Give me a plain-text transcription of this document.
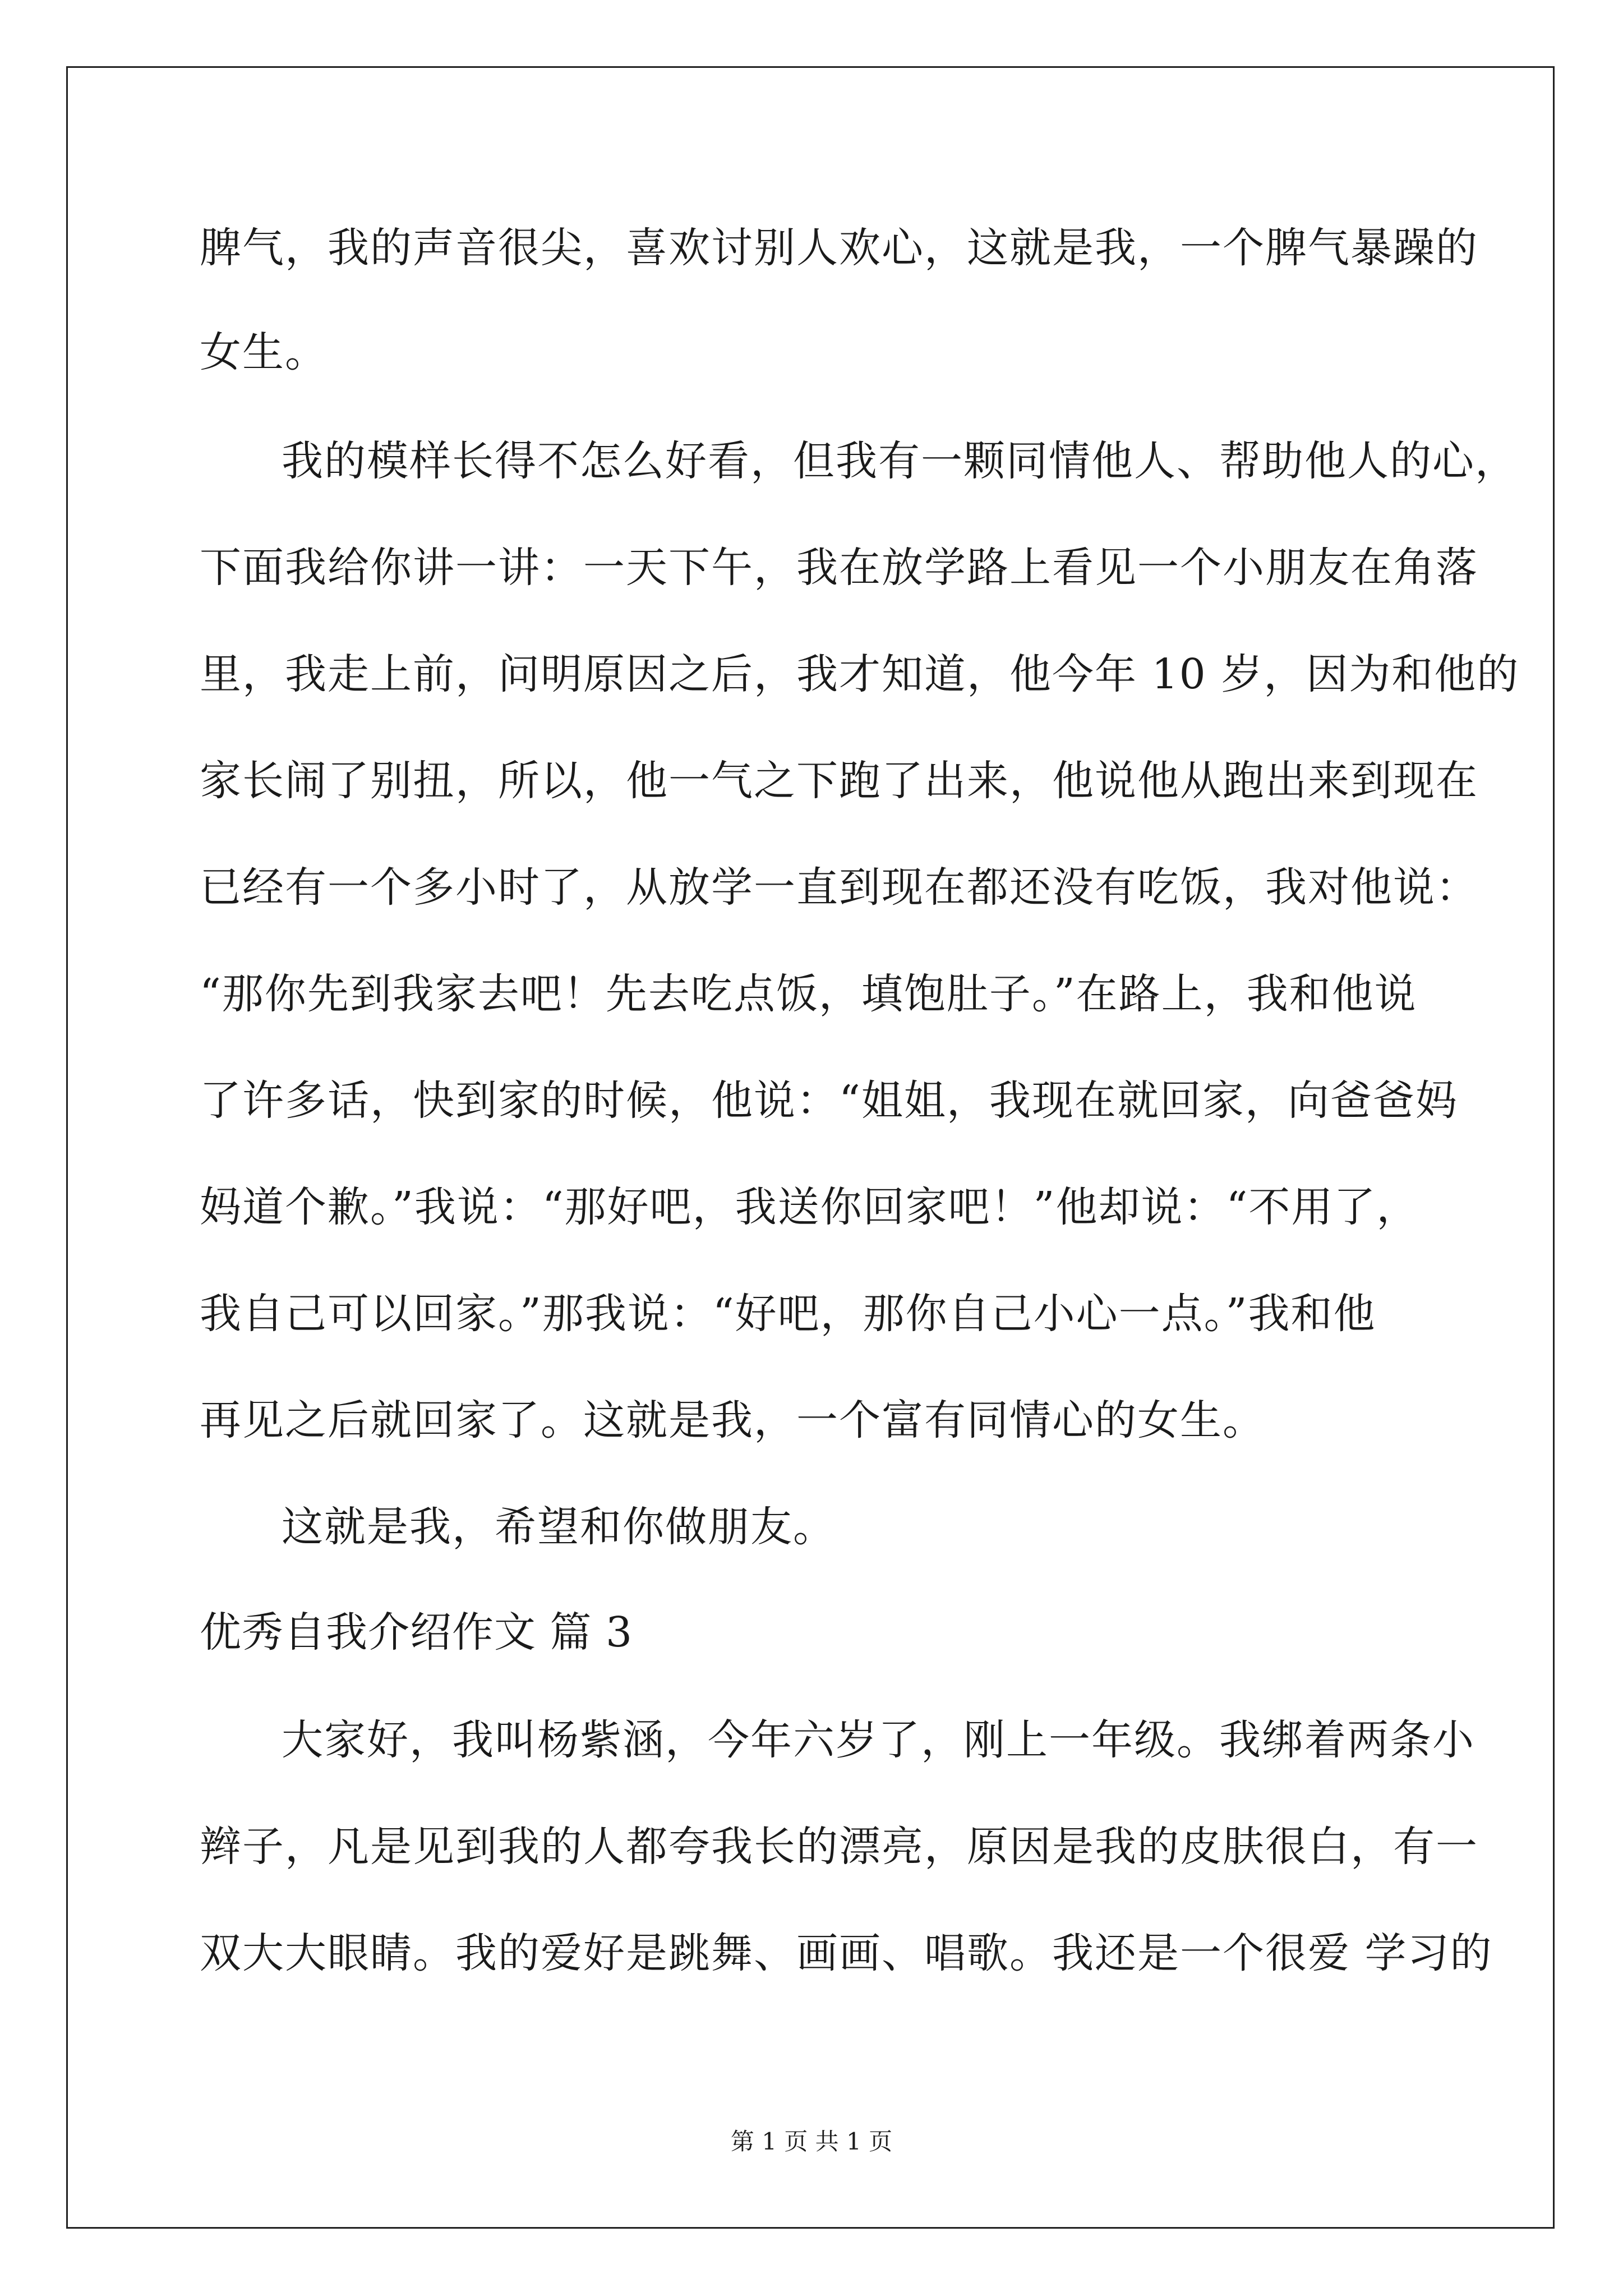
脾气，我的声音很尖，喜欢讨别人欢心，这就是我，一个脾气暴躁的
女生。
我的模样长得不怎么好看，但我有一颗同情他人、帮助他人的心，
下面我给你讲一讲：一天下午，我在放学路上看见一个小朋友在角落
里，我走上前，问明原因之后，我才知道，他今年 10 岁，因为和他的
家长闹了别扭，所以，他一气之下跑了出来，他说他从跑出来到现在
已经有一个多小时了，从放学一直到现在都还没有吃饭，我对他说：
“那你先到我家去吧！先去吃点饭，填饱肚子。”在路上，我和他说
了许多话，快到家的时候，他说：“姐姐，我现在就回家，向爸爸妈
妈道个歉。”我说：“那好吧，我送你回家吧！”他却说：“不用了，
我自己可以回家。”那我说：“好吧，那你自己小心一点。”我和他
再见之后就回家了。这就是我，一个富有同情心的女生。
这就是我，希望和你做朋友。
优秀自我介绍作文 篇 3
大家好，我叫杨紫涵，今年六岁了，刚上一年级。我绑着两条小
辫子，凡是见到我的人都夸我长的漂亮，原因是我的皮肤很白，有一
双大大眼睛。我的爱好是跳舞、画画、唱歌。我还是一个很爱 学习的
第 1 页 共 1 页
